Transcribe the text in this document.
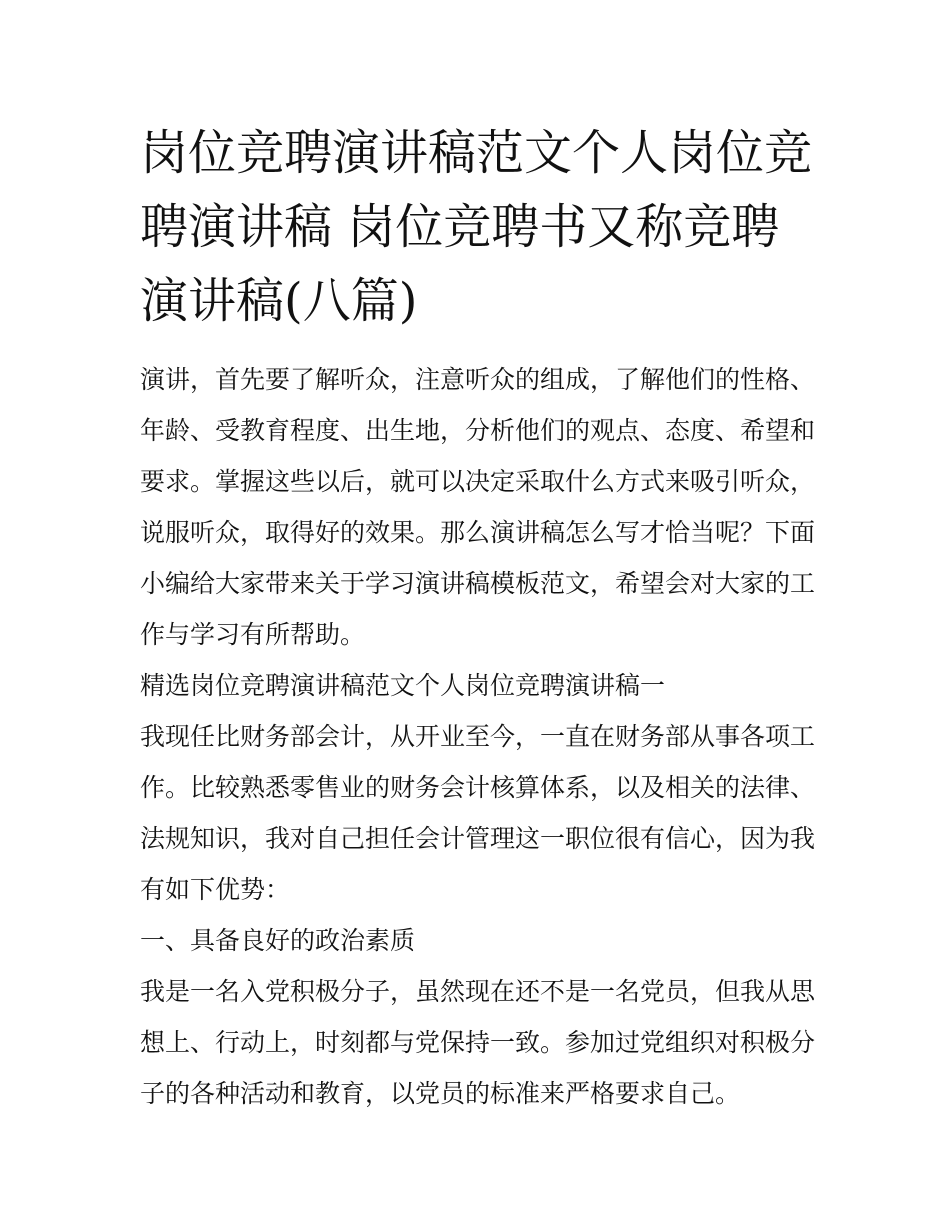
岗位竞聘演讲稿范文个人岗位竞聘演讲稿 岗位竞聘书又称竞聘演讲稿(八篇)

演讲，首先要了解听众，注意听众的组成，了解他们的性格、年龄、受教育程度、出生地，分析他们的观点、态度、希望和要求。掌握这些以后，就可以决定采取什么方式来吸引听众，说服听众，取得好的效果。那么演讲稿怎么写才恰当呢？下面小编给大家带来关于学习演讲稿模板范文，希望会对大家的工作与学习有所帮助。

精选岗位竞聘演讲稿范文个人岗位竞聘演讲稿一

我现任比财务部会计，从开业至今，一直在财务部从事各项工作。比较熟悉零售业的财务会计核算体系，以及相关的法律、法规知识，我对自己担任会计管理这一职位很有信心，因为我有如下优势：

一、具备良好的政治素质

我是一名入党积极分子，虽然现在还不是一名党员，但我从思想上、行动上，时刻都与党保持一致。参加过党组织对积极分子的各种活动和教育，以党员的标准来严格要求自己。
